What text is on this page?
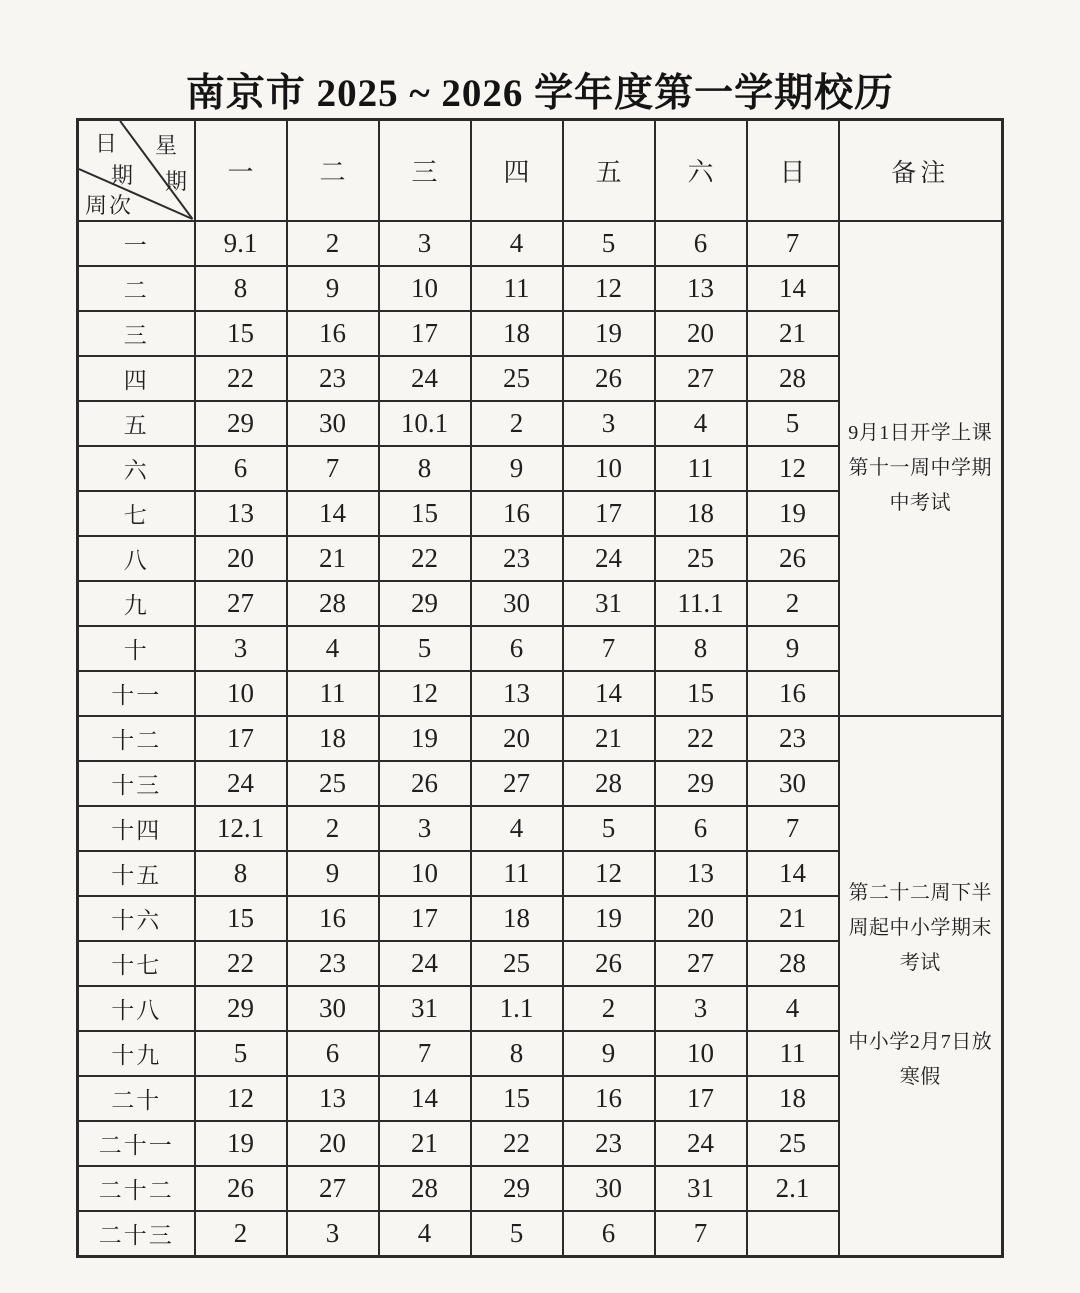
南京市 2025 ~ 2026 学年度第一学期校历
日 星
期 期
周次	一	二	三	四	五	六	日	备注
一	9.1	2	3	4	5	6	7	9月1日开学上课

第十一周中学期中考试

二	8	9	10	11	12	13	14	
三	15	16	17	18	19	20	21	
四	22	23	24	25	26	27	28	
五	29	30	10.1	2	3	4	5	
六	6	7	8	9	10	11	12	
七	13	14	15	16	17	18	19	
八	20	21	22	23	24	25	26	
九	27	28	29	30	31	11.1	2	
十	3	4	5	6	7	8	9	
十一	10	11	12	13	14	15	16	
十二	17	18	19	20	21	22	23	第二十二周下半周起中小学期末考试

中小学2月7日放寒假

十三	24	25	26	27	28	29	30	
十四	12.1	2	3	4	5	6	7	
十五	8	9	10	11	12	13	14	
十六	15	16	17	18	19	20	21	
十七	22	23	24	25	26	27	28	
十八	29	30	31	1.1	2	3	4	
十九	5	6	7	8	9	10	11	
二十	12	13	14	15	16	17	18	
二十一	19	20	21	22	23	24	25	
二十二	26	27	28	29	30	31	2.1	
二十三	2	3	4	5	6	7		
